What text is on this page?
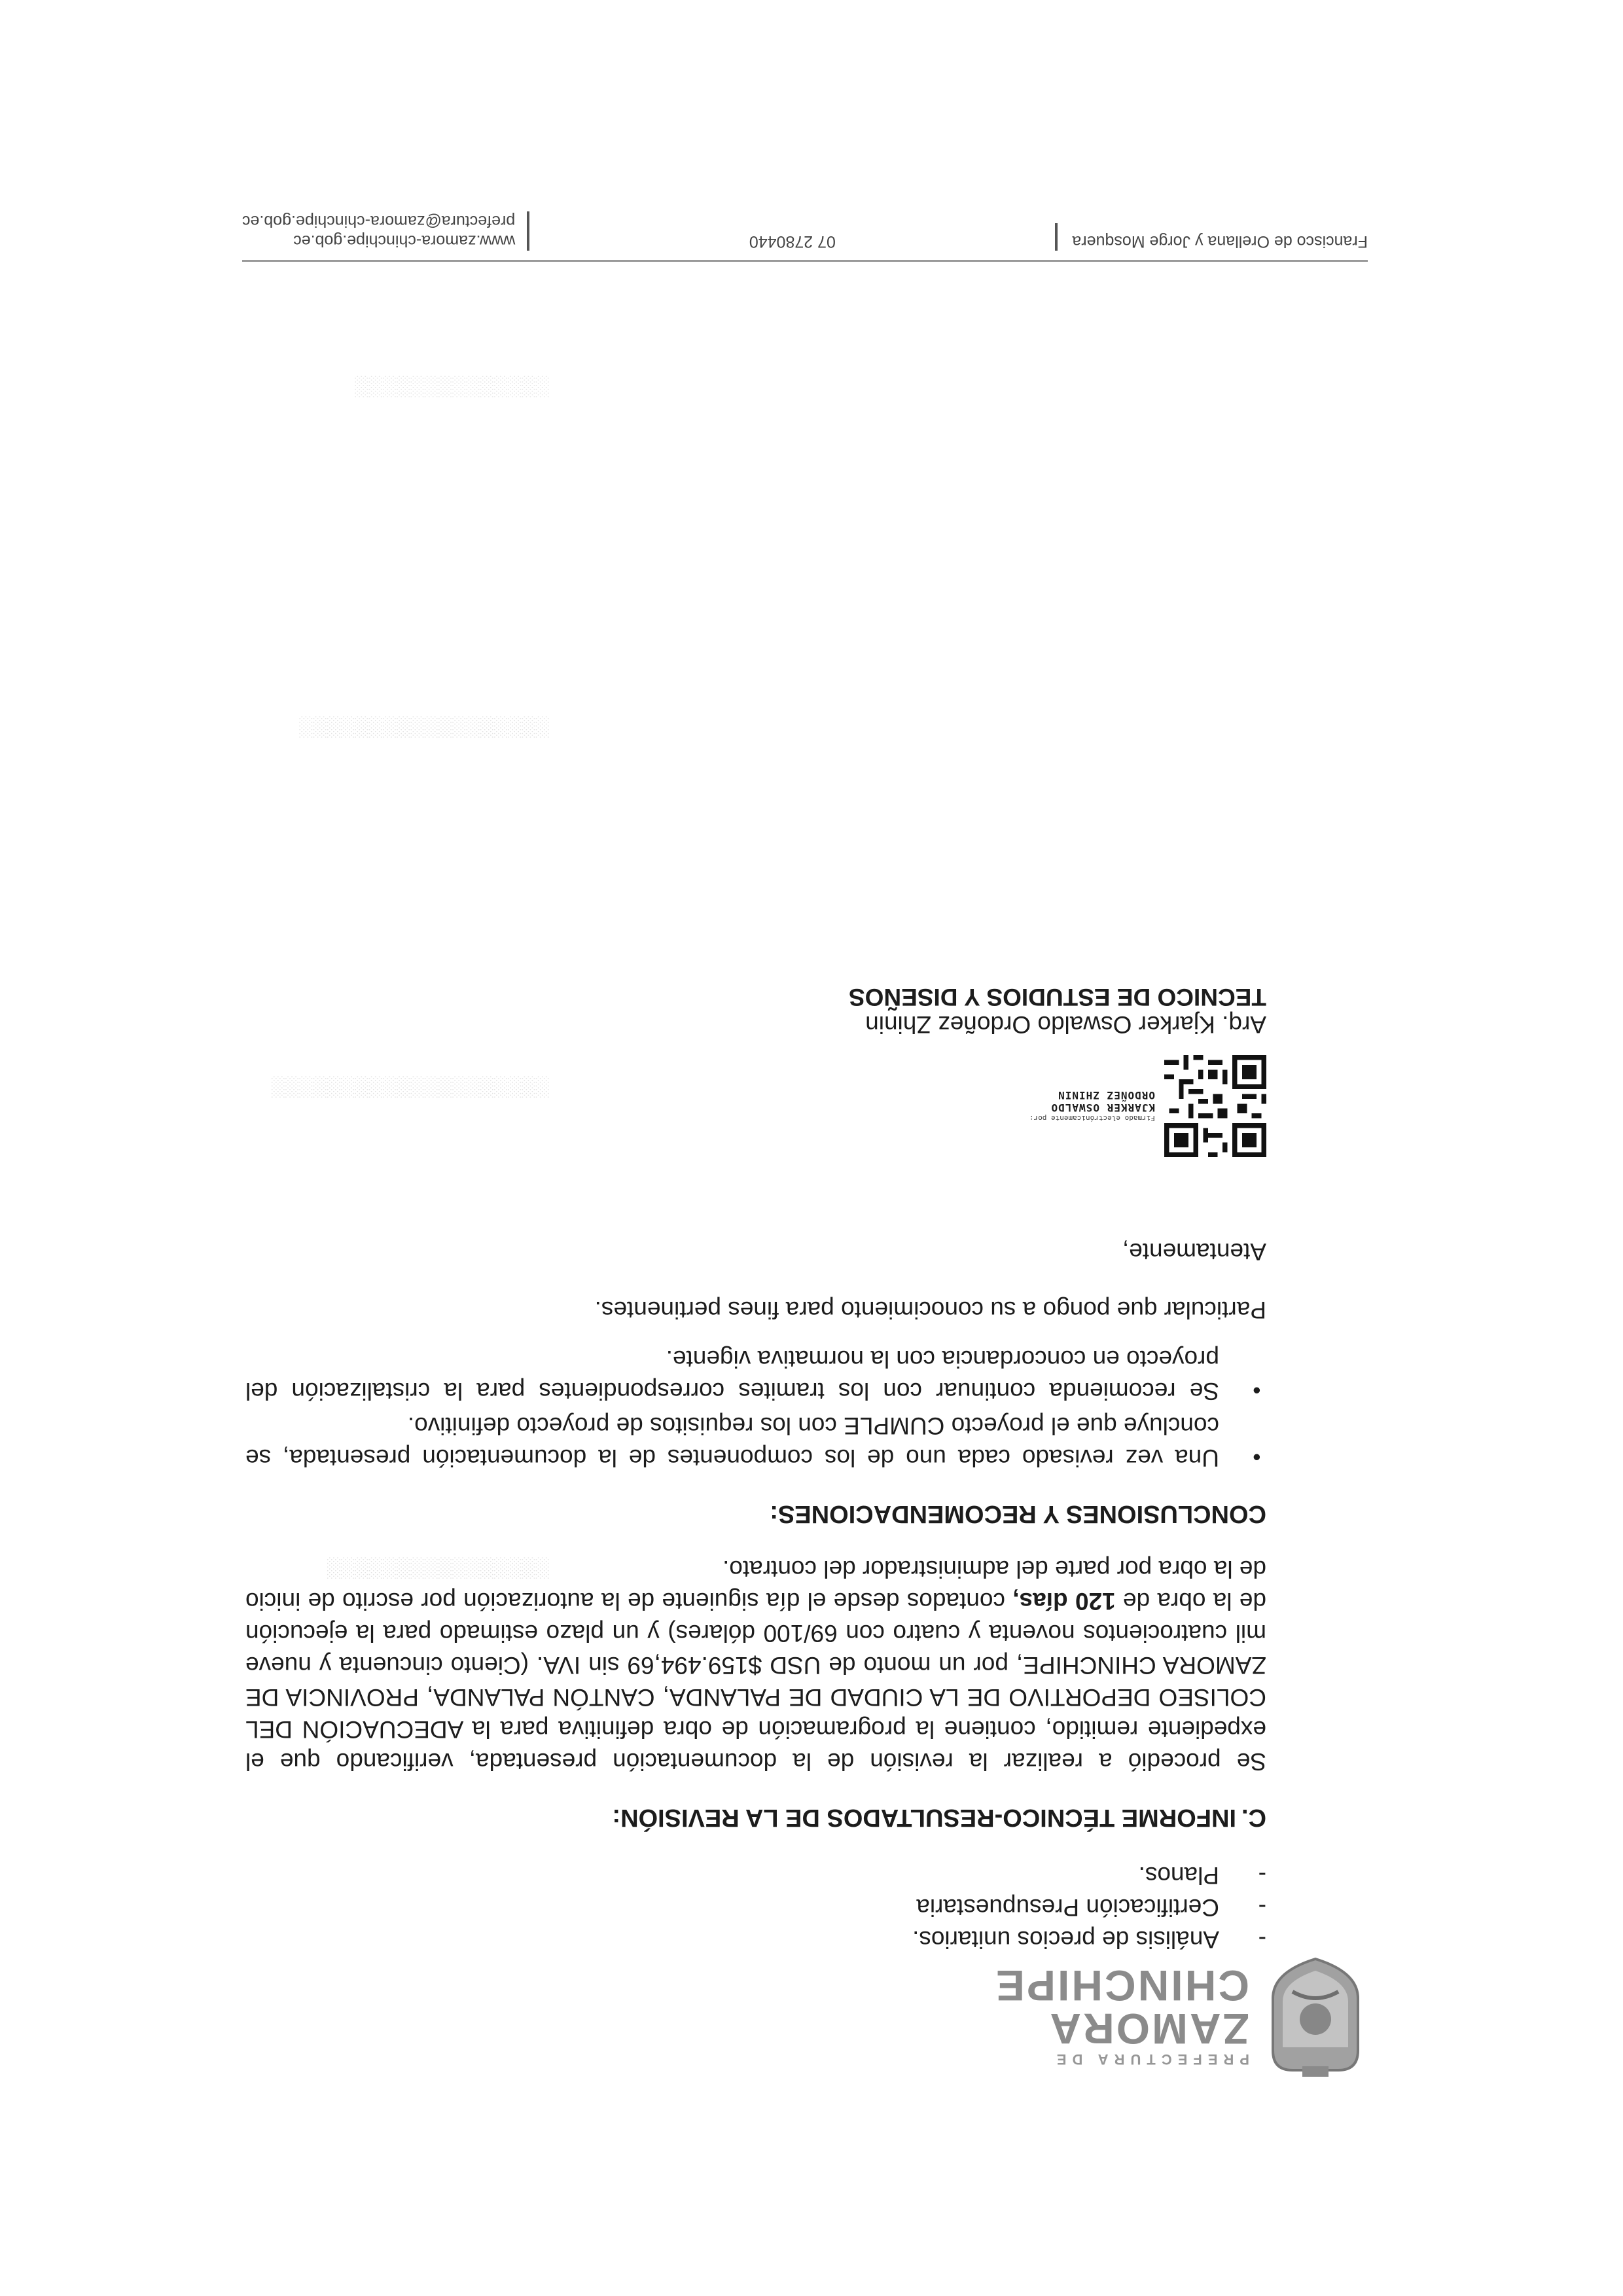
░░░░░░░░░░░░░░░░
░░░░░░░░░░░░░░░░░░░░
░░░░░░░░░░░░░░░░░░
░░░░░░░░░░░░░░
PREFECTURA DE
ZAMORA
CHINCHIPE
- Análisis de precios unitarios.
- Certificación Presupuestaria
- Planos.
C.INFORME TÉCNICO-RESULTADOS DE LA REVISIÓN:

Se procedió a realizar la revisión de la documentación presentada, verificando que el expediente remitido, contiene la programación de obra definitiva para la ADECUACIÓN DEL COLISEO DEPORTIVO DE LA CIUDAD DE PALANDA, CANTÓN PALANDA, PROVINCIA DE ZAMORA CHINCHIPE, por un monto de USD $159.494,69 sin IVA. (Ciento cincuenta y nueve mil cuatrocientos noventa y cuatro con 69/100 dólares) y un plazo estimado para la ejecución de la obra de 120 días, contados desde el día siguiente de la autorización por escrito de inicio de la obra por parte del administrador del contrato.

CONCLUSIONES Y RECOMENDACIONES:
● Una vez revisado cada uno de los componentes de la documentación presentada, se concluye que el proyecto CUMPLE con los requisitos de proyecto definitivo.
● Se recomienda continuar con los tramites correspondientes para la cristalización del proyecto en concordancia con la normativa vigente.

Particular que pongo a su conocimiento para fines pertinentes.

Atentamente,

Firmado electrónicamente por:
KJARKER OSWALDO
ORDOÑEZ ZHININ
Arq. Kjarker Oswaldo Ordoñez Zhinin
TECNICO DE ESTUDIOS Y DISEÑOS
Francisco de Orellana y Jorge Mosquera
07 2780440
www.zamora-chinchipe.gob.ec
prefectura@zamora-chinchipe.gob.ec
